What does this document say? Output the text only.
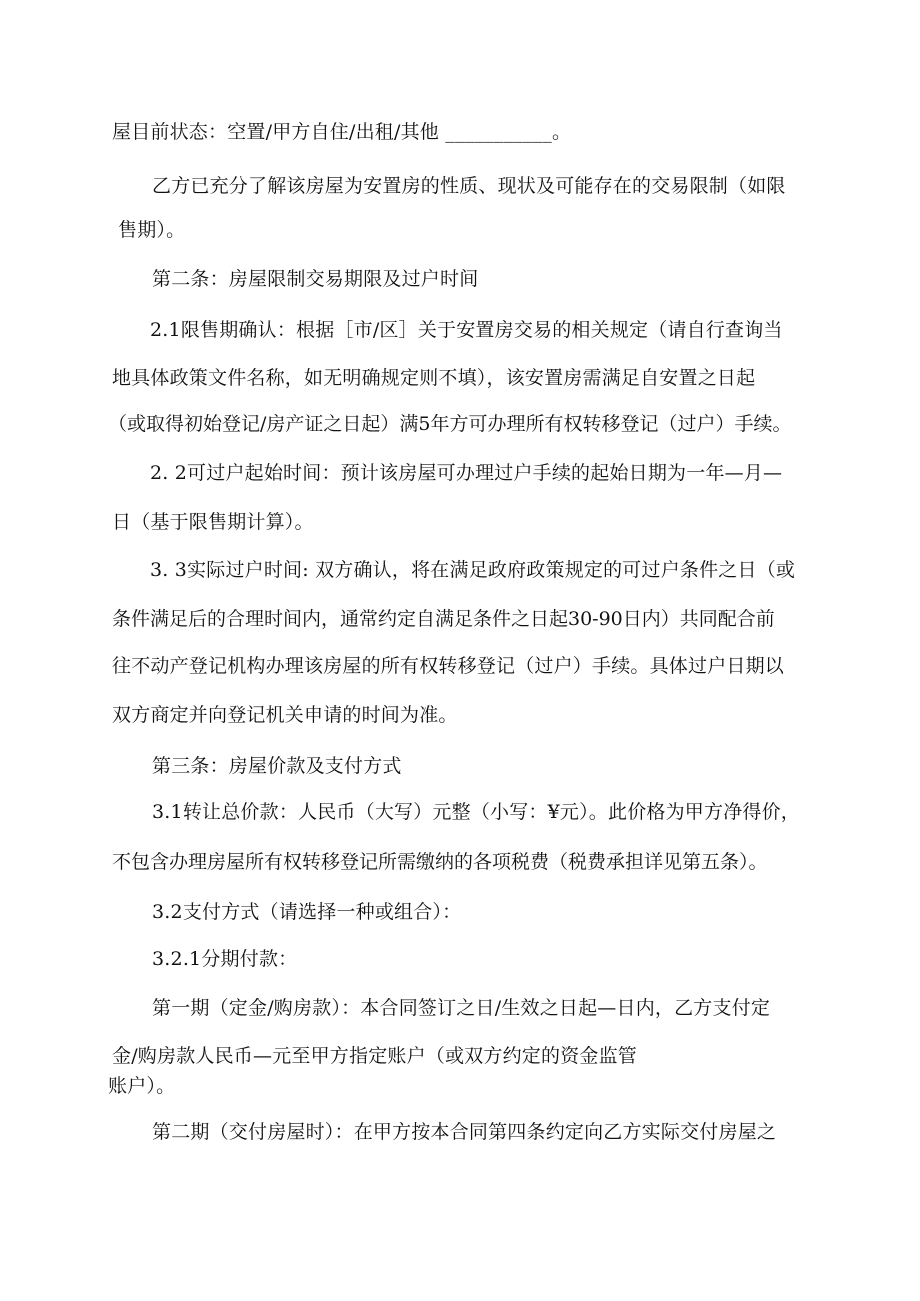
屋目前状态：空置/甲方自住/出租/其他 ___________。
乙方已充分了解该房屋为安置房的性质、现状及可能存在的交易限制（如限
售期）。
第二条：房屋限制交易期限及过户时间
2.1限售期确认：根据［市/区］关于安置房交易的相关规定（请自行查询当
地具体政策文件名称，如无明确规定则不填），该安置房需满足自安置之日起
（或取得初始登记/房产证之日起）满5年方可办理所有权转移登记（过户）手续。
2. 2可过户起始时间：预计该房屋可办理过户手续的起始日期为一年—月—
日（基于限售期计算）。
3. 3实际过户时间: 双方确认，将在满足政府政策规定的可过户条件之日（或
条件满足后的合理时间内，通常约定自满足条件之日起30-90日内）共同配合前
往不动产登记机构办理该房屋的所有权转移登记（过户）手续。具体过户日期以
双方商定并向登记机关申请的时间为准。
第三条：房屋价款及支付方式
3.1转让总价款：人民币（大写）元整（小写：¥元）。此价格为甲方净得价，
不包含办理房屋所有权转移登记所需缴纳的各项税费（税费承担详见第五条）。
3.2支付方式（请选择一种或组合）：
3.2.1分期付款：
第一期（定金/购房款）：本合同签订之日/生效之日起—日内，乙方支付定
金/购房款人民币—元至甲方指定账户（或双方约定的资金监管
账户）。
第二期（交付房屋时）：在甲方按本合同第四条约定向乙方实际交付房屋之
